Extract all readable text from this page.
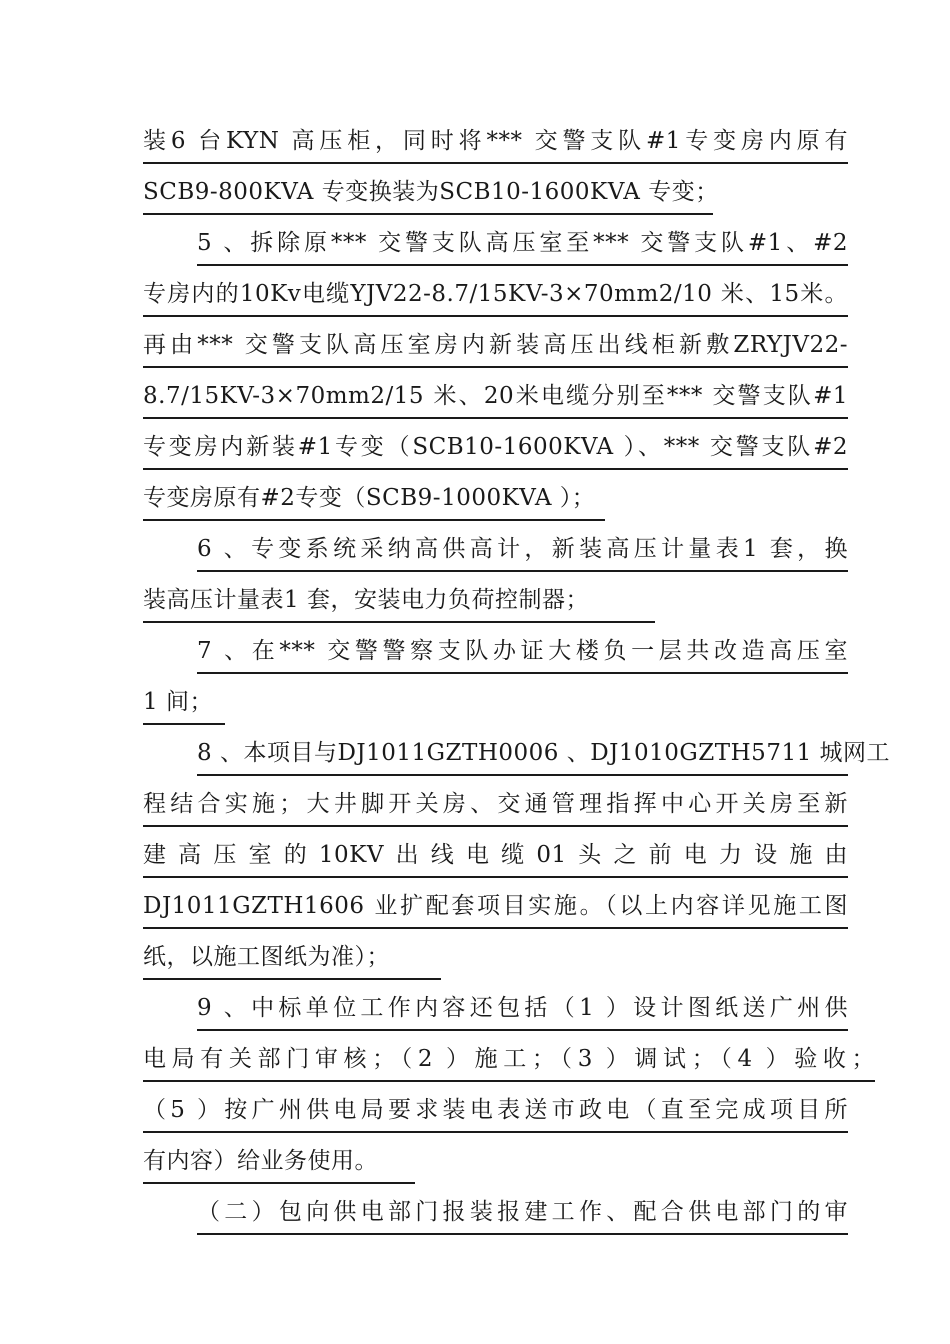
装6 台KYN 高压柜，同时将*** 交警支队#1专变房内原有
SCB9-800KVA 专变换装为SCB10-1600KVA 专变；
5 、拆除原*** 交警支队高压室至*** 交警支队#1、#2
专房内的10Kv电缆YJV22-8.7/15KV-3×70mm2/10 米、15米。
再由*** 交警支队高压室房内新装高压出线柜新敷ZRYJV22-
8.7/15KV-3×70mm2/15 米、20米电缆分别至*** 交警支队#1
专变房内新装#1专变（SCB10-1600KVA ）、*** 交警支队#2
专变房原有#2专变（SCB9-1000KVA ）；
6 、专变系统采纳高供高计，新装高压计量表1 套，换
装高压计量表1 套，安装电力负荷控制器；
7 、在*** 交警警察支队办证大楼负一层共改造高压室
1 间；
8 、本项目与DJ1011GZTH0006 、DJ1010GZTH5711 城网工
程结合实施；大井脚开关房、交通管理指挥中心开关房至新
建高压室的10KV出线电缆01头之前电力设施由
DJ1011GZTH1606 业扩配套项目实施。（以上内容详见施工图
纸，以施工图纸为准）；
9 、中标单位工作内容还包括（1 ）设计图纸送广州供
电局有关部门审核；（2 ）施工；（3 ）调试；（4 ）验收；
（5 ）按广州供电局要求装电表送市政电（直至完成项目所
有内容）给业务使用。
（二）包向供电部门报装报建工作、配合供电部门的审
